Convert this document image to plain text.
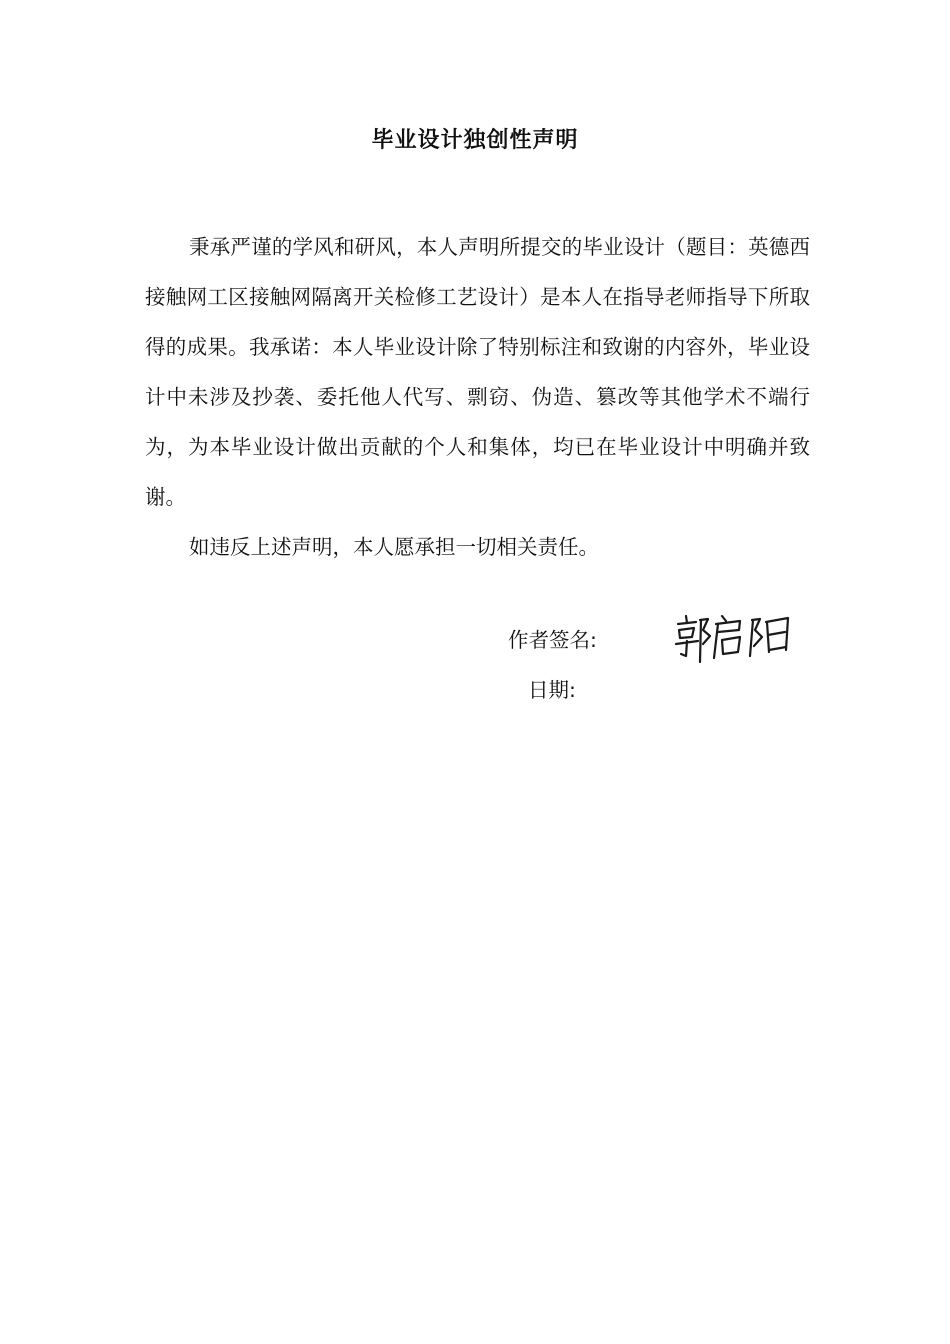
毕业设计独创性声明

秉承严谨的学风和研风，本人声明所提交的毕业设计（题目：英德西接触网工区接触网隔离开关检修工艺设计）是本人在指导老师指导下所取得的成果。我承诺：本人毕业设计除了特别标注和致谢的内容外，毕业设计中未涉及抄袭、委托他人代写、剽窃、伪造、篡改等其他学术不端行为，为本毕业设计做出贡献的个人和集体，均已在毕业设计中明确并致谢。

如违反上述声明，本人愿承担一切相关责任。

作者签名:
日期:
